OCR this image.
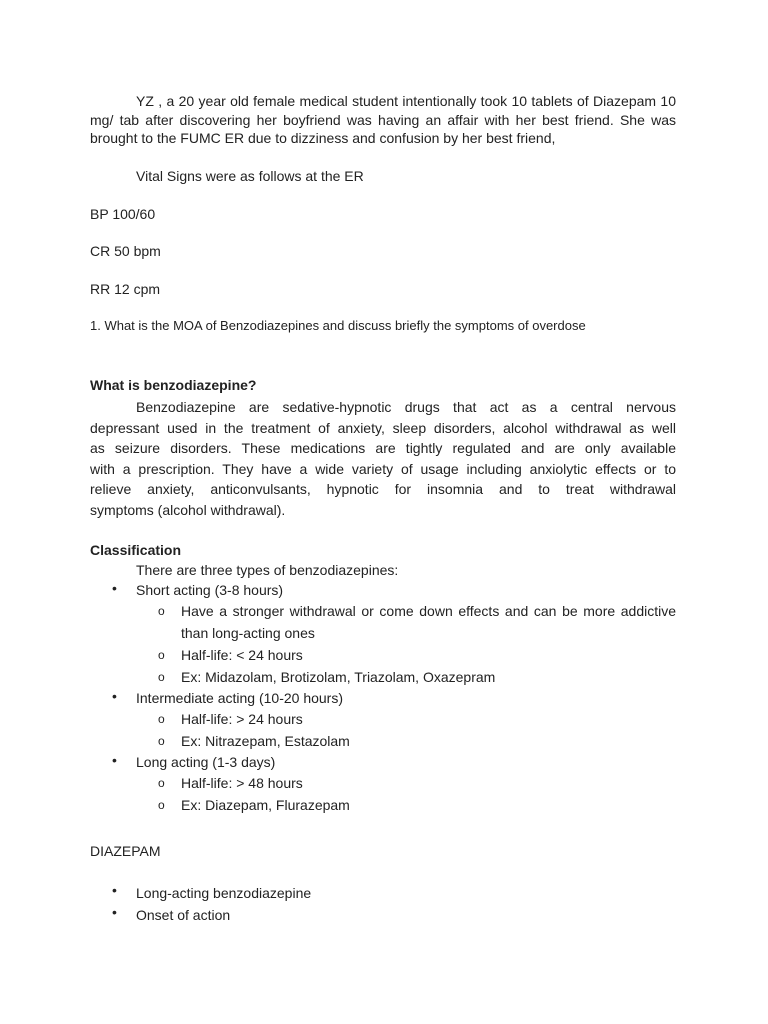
YZ , a 20 year old female medical student intentionally took 10 tablets of Diazepam 10
mg/ tab after discovering her boyfriend was having an affair with her best friend. She was
brought to the FUMC ER due to dizziness and confusion by her best friend,
Vital Signs were as follows at the ER
BP 100/60
CR 50 bpm
RR 12 cpm
1. What is the MOA of Benzodiazepines and discuss briefly the symptoms of overdose
What is benzodiazepine?
Benzodiazepine are sedative-hypnotic drugs that act as a central nervous
depressant used in the treatment of anxiety, sleep disorders, alcohol withdrawal as well
as seizure disorders. These medications are tightly regulated and are only available
with a prescription. They have a wide variety of usage including anxiolytic effects or to
relieve anxiety, anticonvulsants, hypnotic for insomnia and to treat withdrawal
symptoms (alcohol withdrawal).
Classification
There are three types of benzodiazepines:
• Short acting (3-8 hours)
o Have a stronger withdrawal or come down effects and can be more addictive than long-acting ones
o Half-life: < 24 hours
o Ex: Midazolam, Brotizolam, Triazolam, Oxazepram
• Intermediate acting (10-20 hours)
o Half-life: > 24 hours
o Ex: Nitrazepam, Estazolam
• Long acting (1-3 days)
o Half-life: > 48 hours
o Ex: Diazepam, Flurazepam
DIAZEPAM
• Long-acting benzodiazepine
• Onset of action
